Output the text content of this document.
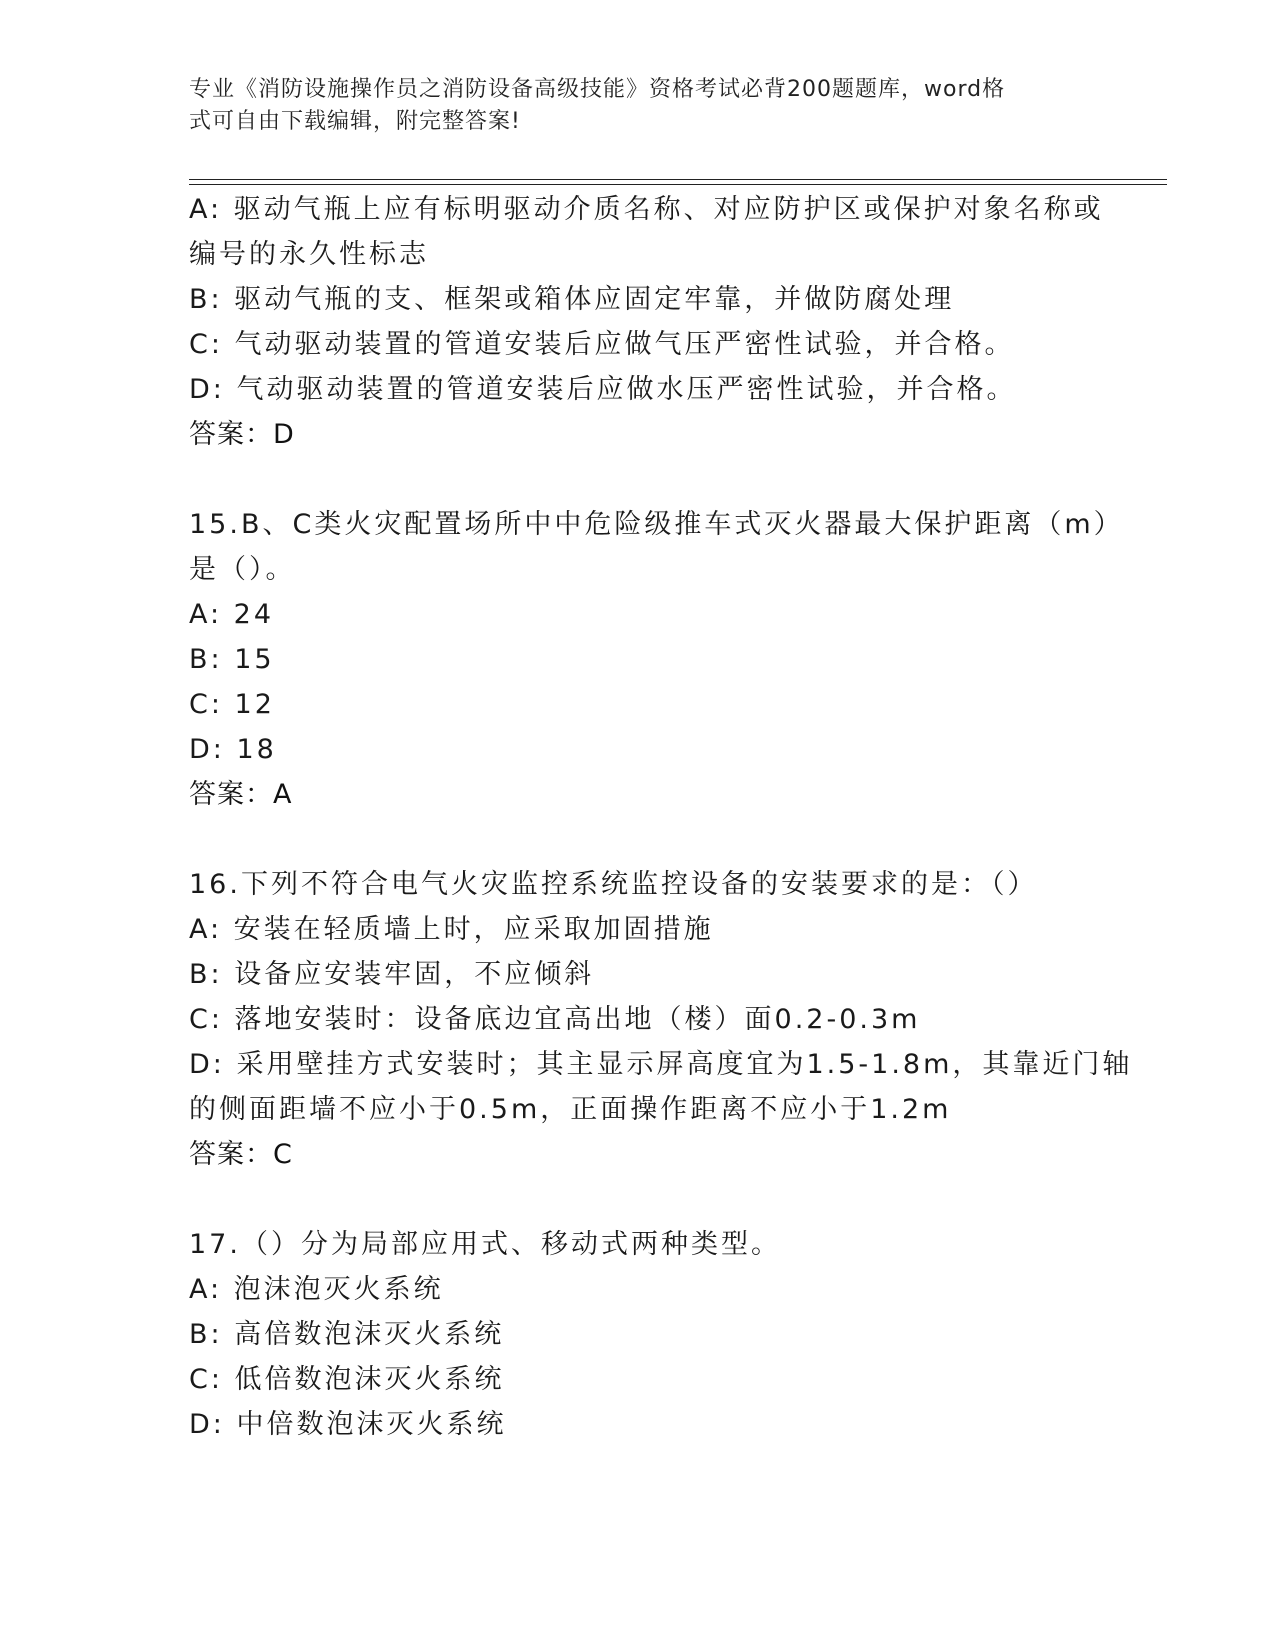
专业《消防设施操作员之消防设备高级技能》资格考试必背200题题库，word格
式可自由下载编辑，附完整答案!
A: 驱动气瓶上应有标明驱动介质名称、对应防护区或保护对象名称或
编号的永久性标志
B: 驱动气瓶的支、框架或箱体应固定牢靠，并做防腐处理
C: 气动驱动装置的管道安装后应做气压严密性试验，并合格。
D: 气动驱动装置的管道安装后应做水压严密性试验，并合格。
答案：D
15.B、C类火灾配置场所中中危险级推车式灭火器最大保护距离（m）
是（）。
A: 24
B: 15
C: 12
D: 18
答案：A
16.下列不符合电气火灾监控系统监控设备的安装要求的是：（）
A: 安装在轻质墙上时，应采取加固措施
B: 设备应安装牢固，不应倾斜
C: 落地安装时：设备底边宜高出地（楼）面0.2-0.3m
D: 采用壁挂方式安装时；其主显示屏高度宜为1.5-1.8m，其靠近门轴
的侧面距墙不应小于0.5m，正面操作距离不应小于1.2m
答案：C
17.（）分为局部应用式、移动式两种类型。
A: 泡沫泡灭火系统
B: 高倍数泡沫灭火系统
C: 低倍数泡沫灭火系统
D: 中倍数泡沫灭火系统
